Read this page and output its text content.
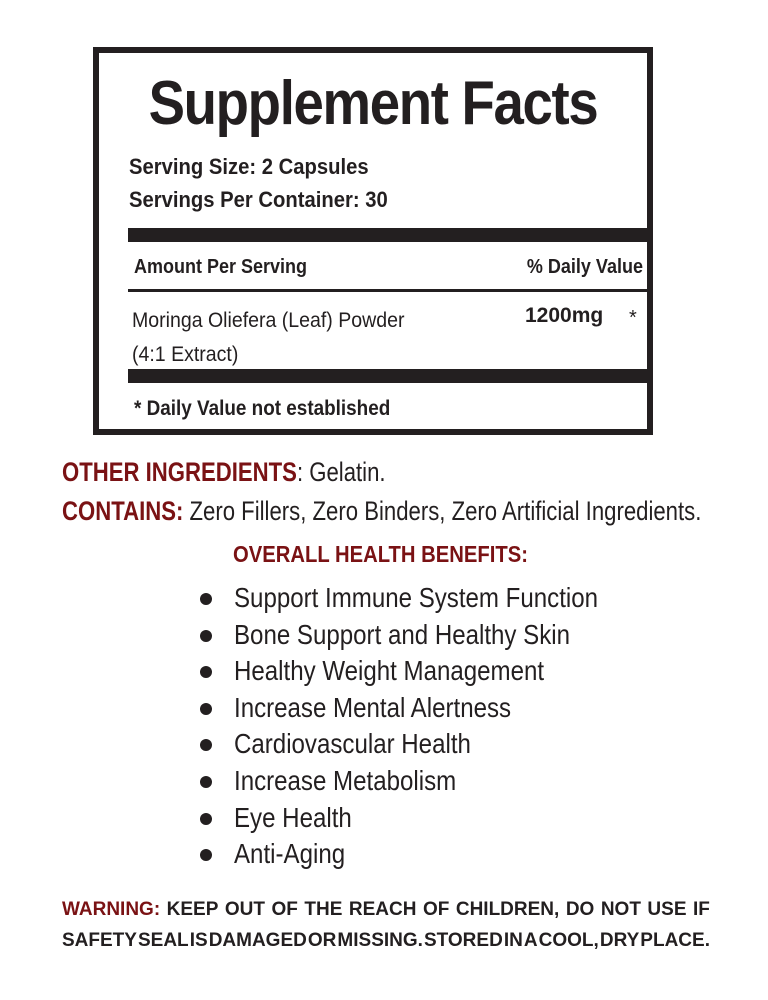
Supplement Facts
Serving Size: 2 Capsules
Servings Per Container: 30
Amount Per Serving	% Daily Value
Moringa Oliefera (Leaf) Powder
(4:1 Extract)
1200mg *
* Daily Value not established
OTHER INGREDIENTS: Gelatin.
CONTAINS: Zero Fillers, Zero Binders, Zero Artificial Ingredients.
OVERALL HEALTH BENEFITS:
Support Immune System Function
Bone Support and Healthy Skin
Healthy Weight Management
Increase Mental Alertness
Cardiovascular Health
Increase Metabolism
Eye Health
Anti-Aging
WARNING: KEEP OUT OF THE REACH OF CHILDREN, DO NOT USE IF
SAFETY SEAL IS DAMAGED OR MISSING. STORED IN A COOL, DRY PLACE.
